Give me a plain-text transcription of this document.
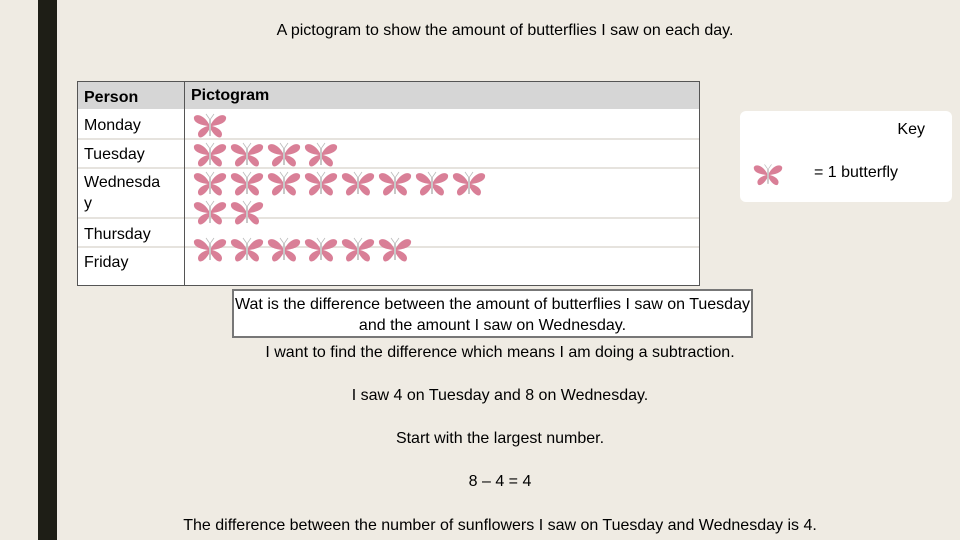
A pictogram to show the amount of butterflies I saw on each day.
Person	Pictogram
Monday
Tuesday
Wednesda
y
Thursday
Friday
Key
= 1 butterfly
Wat is the difference between the amount of butterflies I saw on Tuesday and the amount I saw on Wednesday.
I want to find the difference which means I am doing a subtraction.
I saw 4 on Tuesday and 8 on Wednesday.
Start with the largest number.
8 – 4 = 4
The difference between the number of sunflowers I saw on Tuesday and Wednesday is 4.
